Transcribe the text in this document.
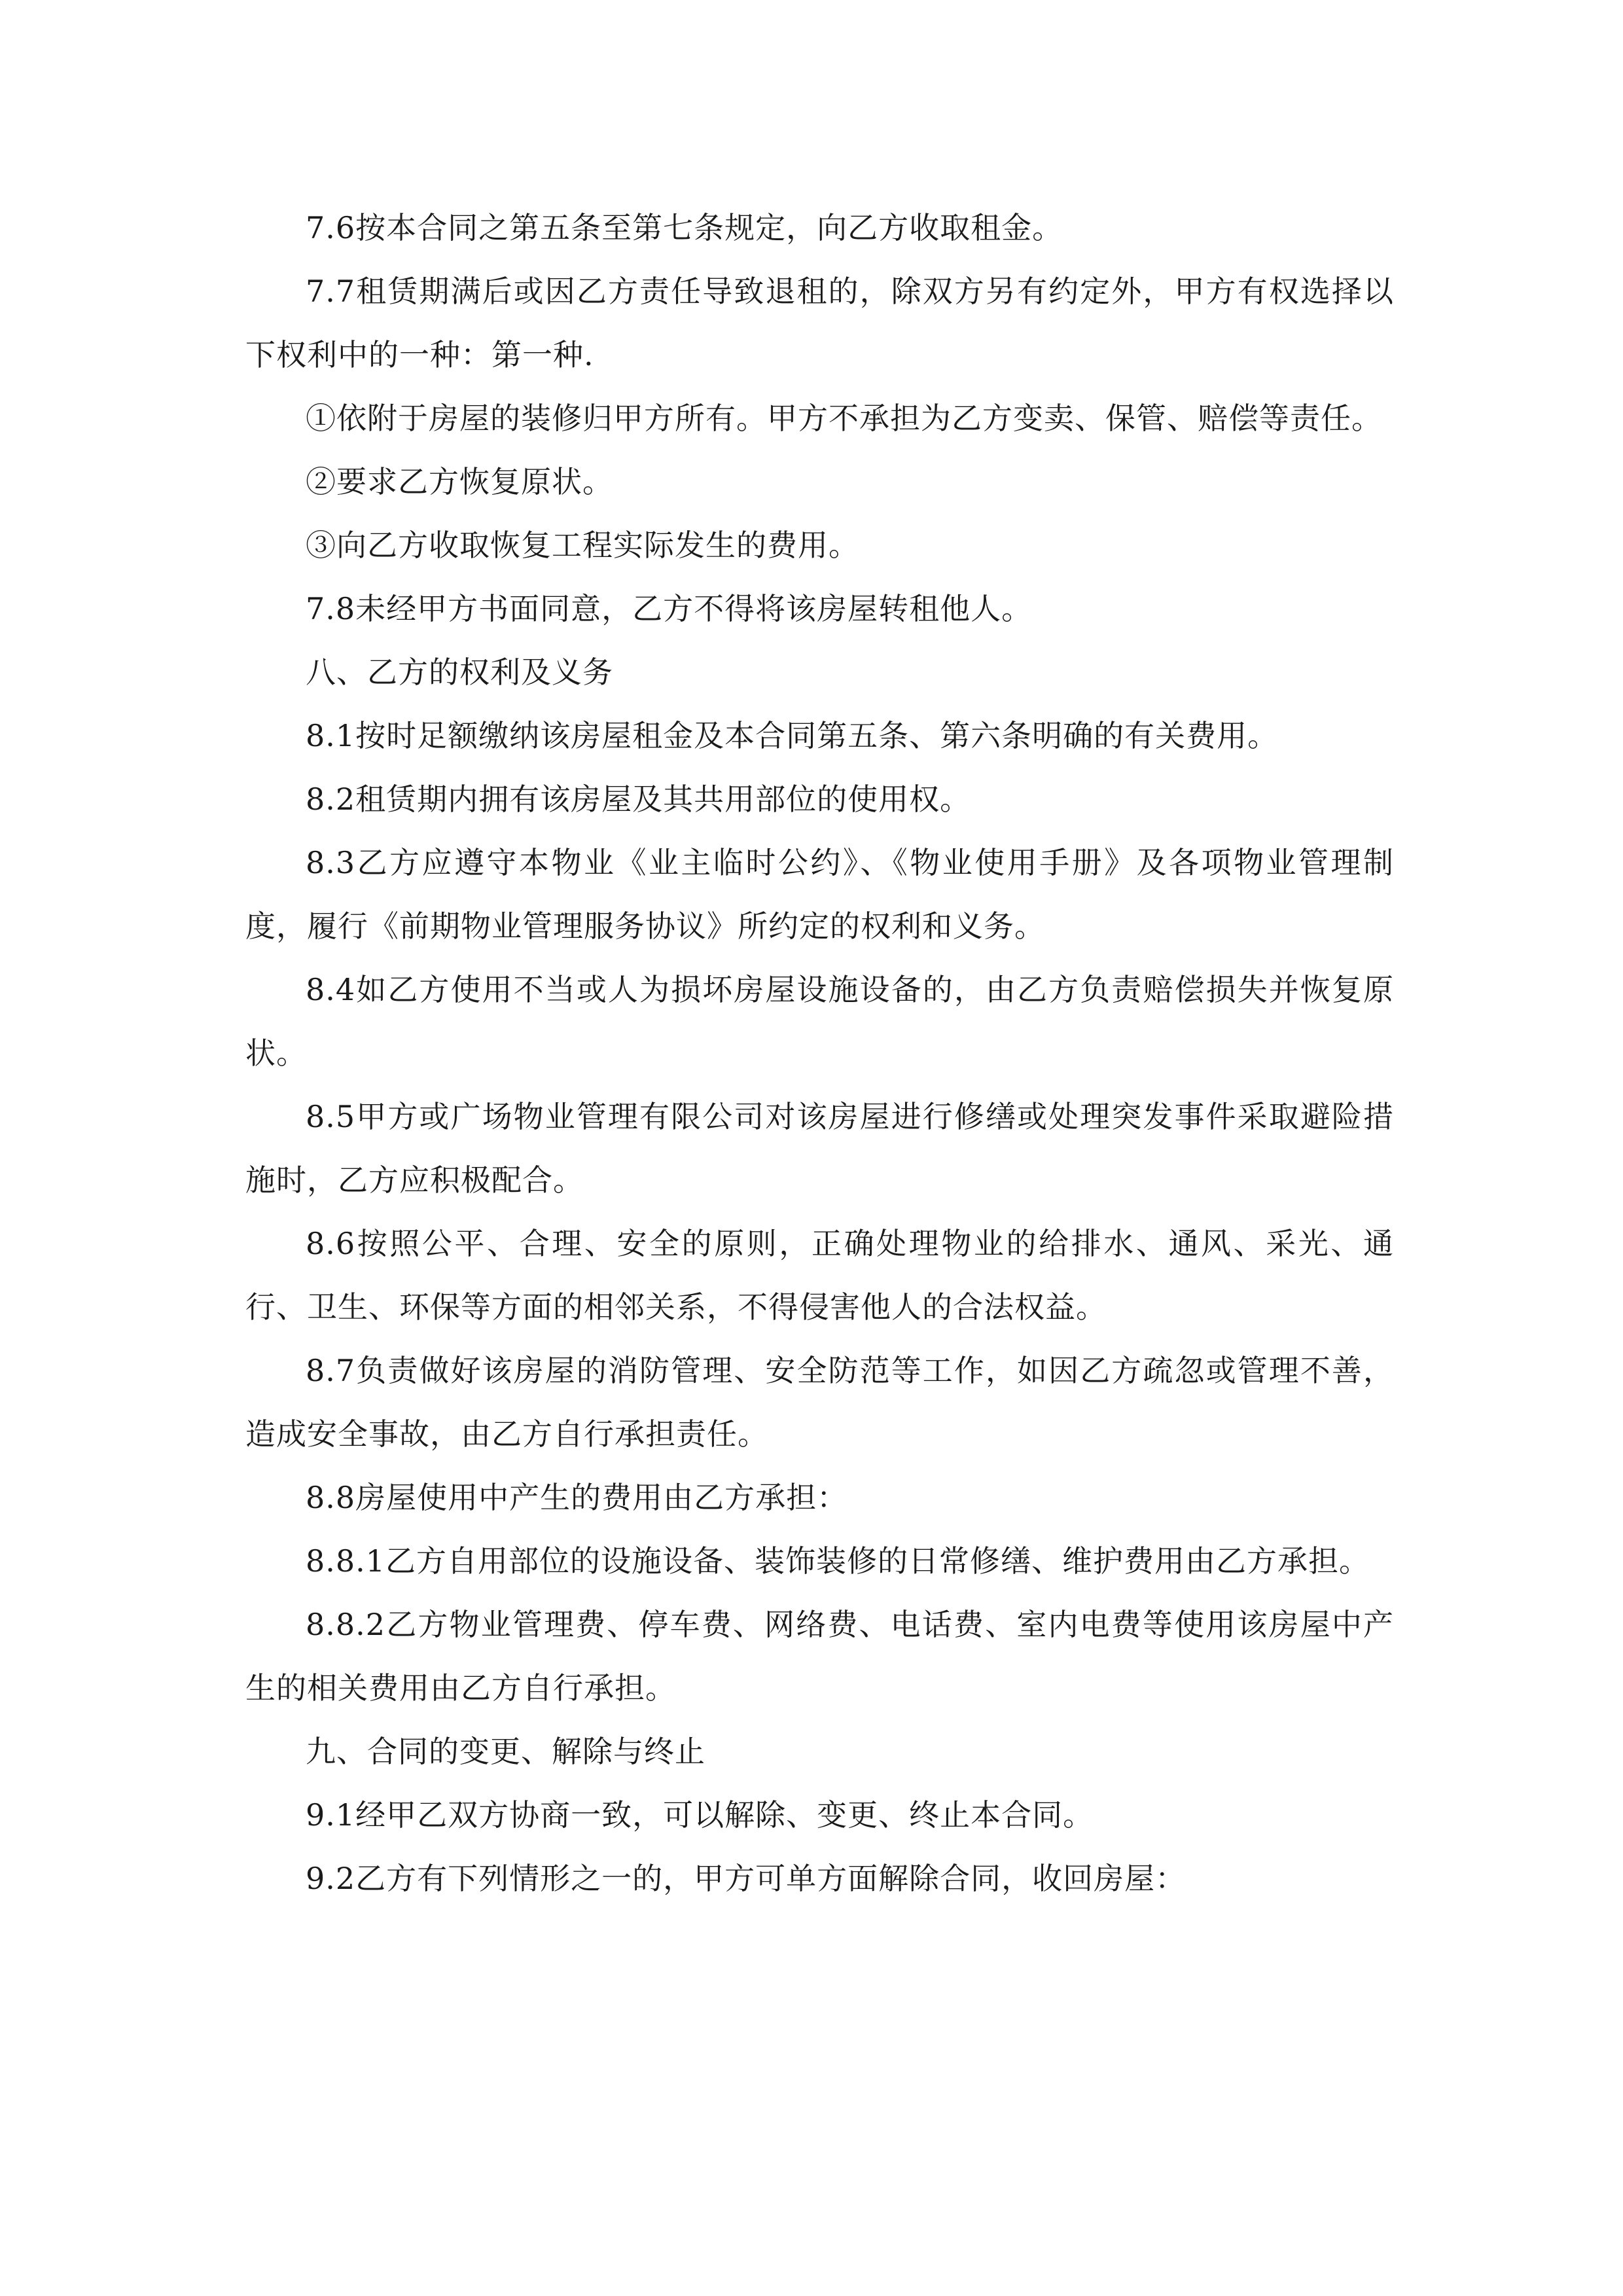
7.6按本合同之第五条至第七条规定，向乙方收取租金。

7.7租赁期满后或因乙方责任导致退租的，除双方另有约定外，甲方有权选择以下权利中的一种：第一种.

①依附于房屋的装修归甲方所有。甲方不承担为乙方变卖、保管、赔偿等责任。

②要求乙方恢复原状。

③向乙方收取恢复工程实际发生的费用。

7.8未经甲方书面同意，乙方不得将该房屋转租他人。

八、乙方的权利及义务

8.1按时足额缴纳该房屋租金及本合同第五条、第六条明确的有关费用。

8.2租赁期内拥有该房屋及其共用部位的使用权。

8.3乙方应遵守本物业《业主临时公约》、《物业使用手册》及各项物业管理制度，履行《前期物业管理服务协议》所约定的权利和义务。

8.4如乙方使用不当或人为损坏房屋设施设备的，由乙方负责赔偿损失并恢复原状。

8.5甲方或广场物业管理有限公司对该房屋进行修缮或处理突发事件采取避险措施时，乙方应积极配合。

8.6按照公平、合理、安全的原则，正确处理物业的给排水、通风、采光、通行、卫生、环保等方面的相邻关系，不得侵害他人的合法权益。

8.7负责做好该房屋的消防管理、安全防范等工作，如因乙方疏忽或管理不善，造成安全事故，由乙方自行承担责任。

8.8房屋使用中产生的费用由乙方承担：

8.8.1乙方自用部位的设施设备、装饰装修的日常修缮、维护费用由乙方承担。

8.8.2乙方物业管理费、停车费、网络费、电话费、室内电费等使用该房屋中产生的相关费用由乙方自行承担。

九、合同的变更、解除与终止

9.1经甲乙双方协商一致，可以解除、变更、终止本合同。

9.2乙方有下列情形之一的，甲方可单方面解除合同，收回房屋：
